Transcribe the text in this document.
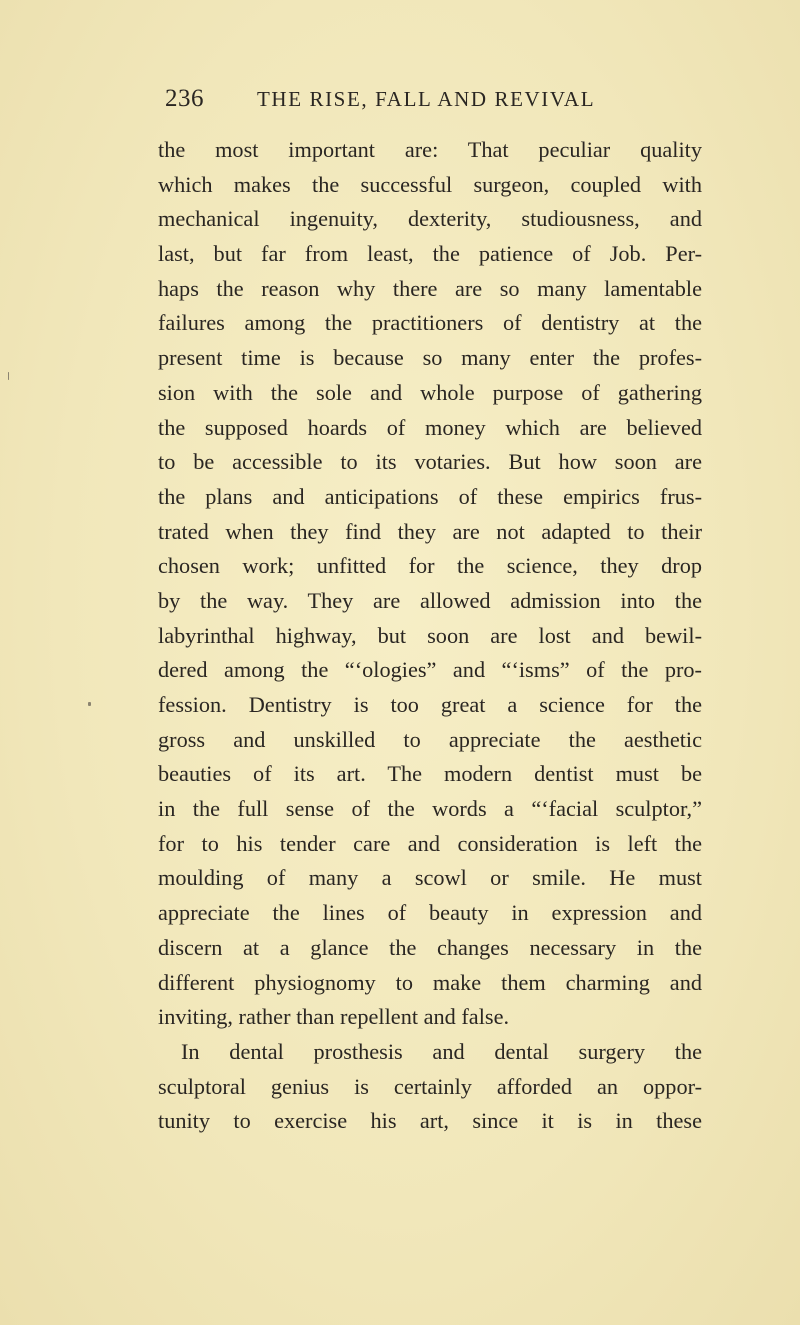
236	THE RISE, FALL AND REVIVAL
the most important are: That peculiar quality
which makes the successful surgeon, coupled with
mechanical ingenuity, dexterity, studiousness, and
last, but far from least, the patience of Job. Per-
haps the reason why there are so many lamentable
failures among the practitioners of dentistry at the
present time is because so many enter the profes-
sion with the sole and whole purpose of gathering
the supposed hoards of money which are believed
to be accessible to its votaries. But how soon are
the plans and anticipations of these empirics frus-
trated when they find they are not adapted to their
chosen work; unfitted for the science, they drop
by the way. They are allowed admission into the
labyrinthal highway, but soon are lost and bewil-
dered among the “‘ologies” and “‘isms” of the pro-
fession. Dentistry is too great a science for the
gross and unskilled to appreciate the aesthetic
beauties of its art. The modern dentist must be
in the full sense of the words a “‘facial sculptor,”
for to his tender care and consideration is left the
moulding of many a scowl or smile. He must
appreciate the lines of beauty in expression and
discern at a glance the changes necessary in the
different physiognomy to make them charming and
inviting, rather than repellent and false.
In dental prosthesis and dental surgery the
sculptoral genius is certainly afforded an oppor-
tunity to exercise his art, since it is in these
